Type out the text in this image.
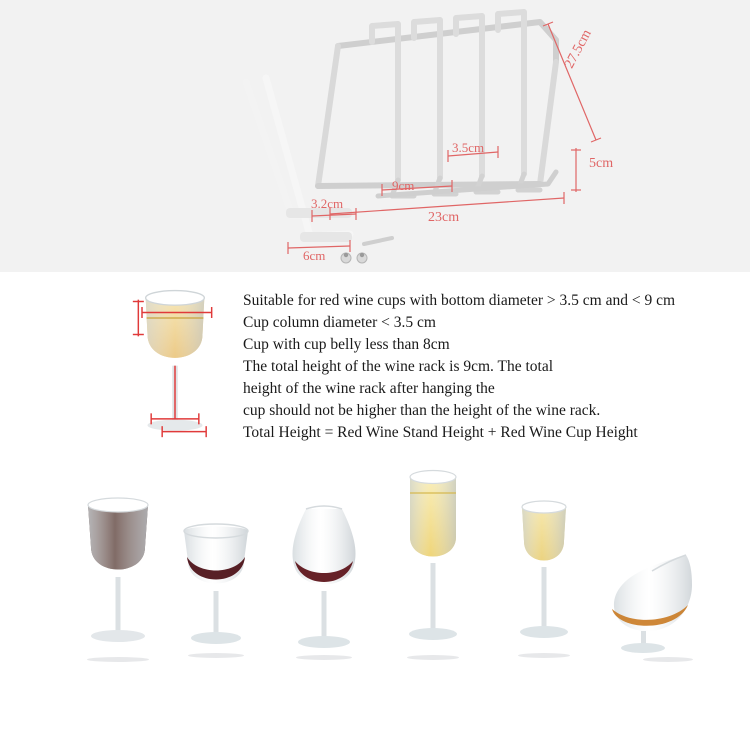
27.5cm
3.5cm
5cm
9cm
3.2cm
23cm
6cm
Suitable for red wine cups with bottom diameter > 3.5 cm and < 9 cm
Cup column diameter < 3.5 cm
Cup with cup belly less than 8cm
The total height of the wine rack is 9cm. The total
height of the wine rack after hanging the
cup should not be higher than the height of the wine rack.
Total Height = Red Wine Stand Height + Red Wine Cup Height
